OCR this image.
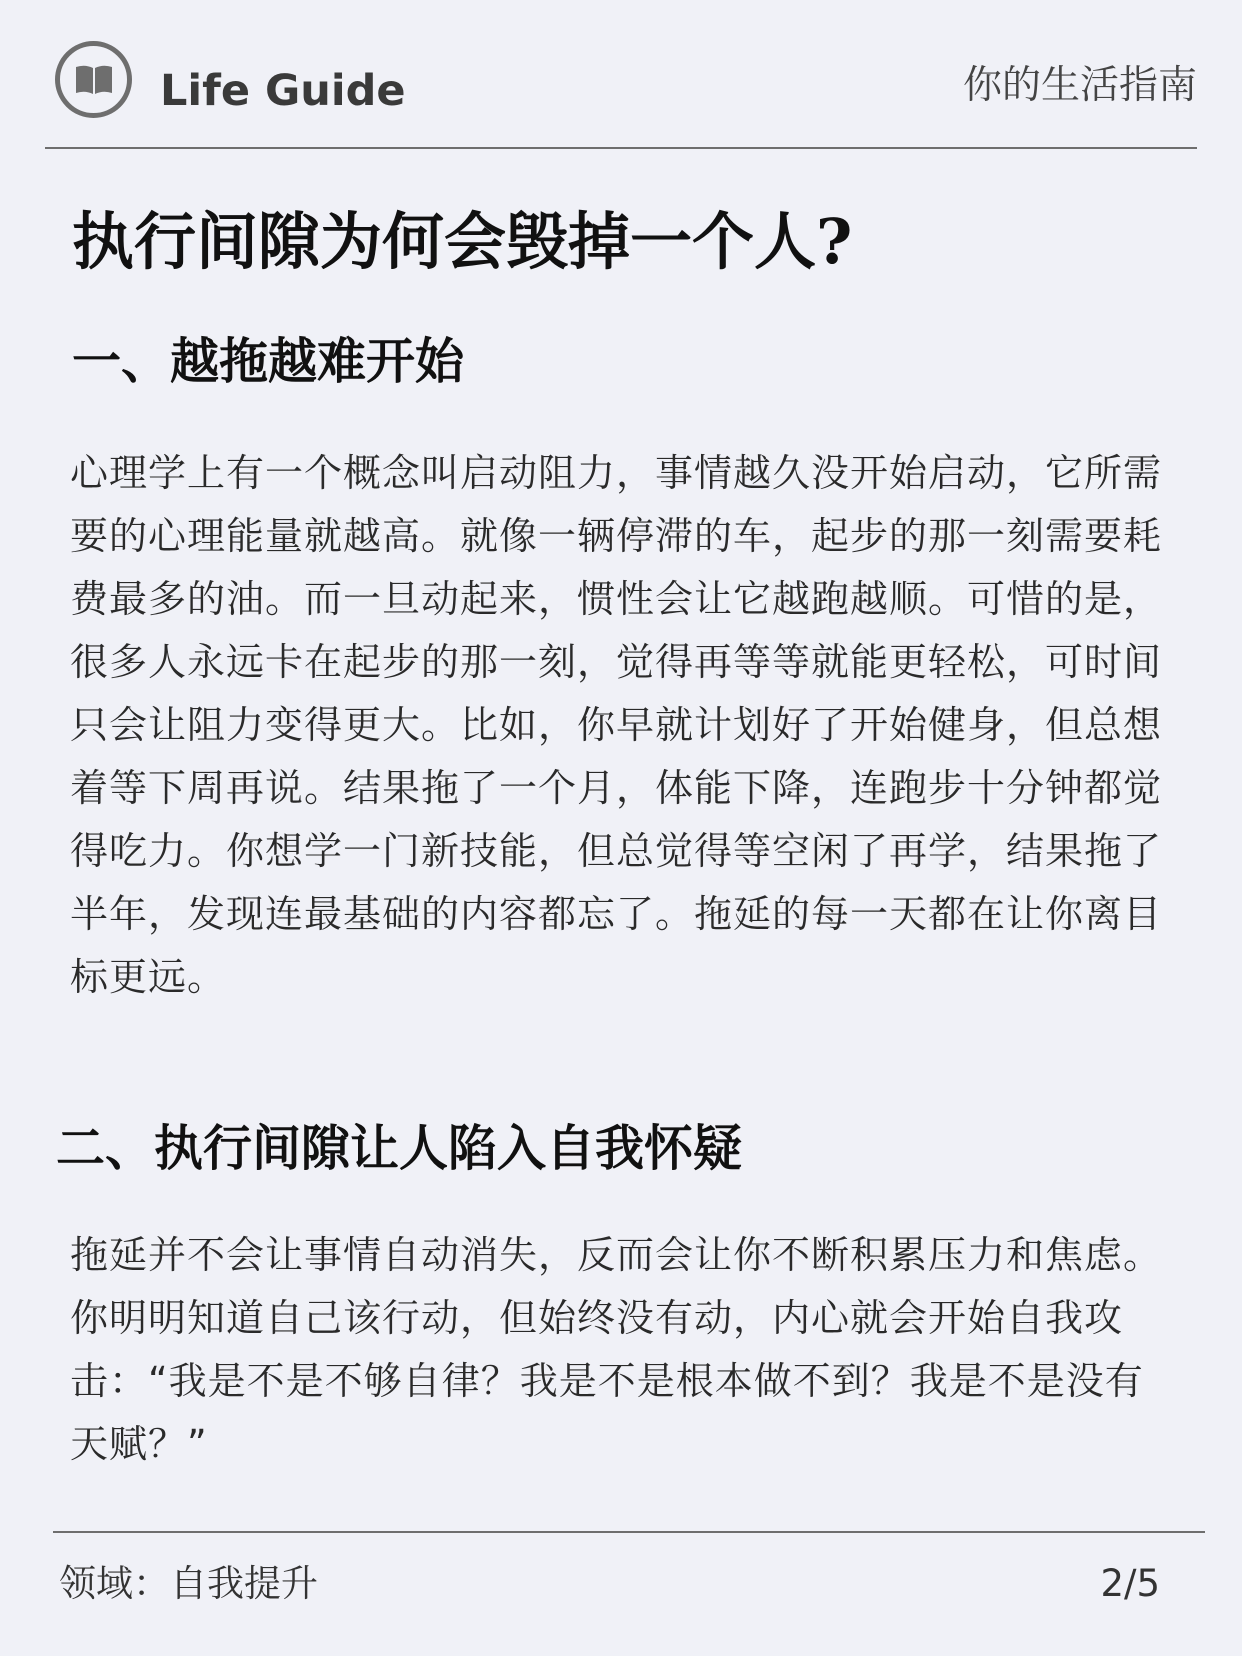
Life Guide	你的生活指南
执行间隙为何会毁掉一个人?
一、越拖越难开始

心理学上有一个概念叫启动阻力，事情越久没开始启动，它所需要的心理能量就越高。就像一辆停滞的车，起步的那一刻需要耗费最多的油。而一旦动起来，惯性会让它越跑越顺。可惜的是，很多人永远卡在起步的那一刻，觉得再等等就能更轻松，可时间只会让阻力变得更大。比如，你早就计划好了开始健身，但总想着等下周再说。结果拖了一个月，体能下降，连跑步十分钟都觉得吃力。你想学一门新技能，但总觉得等空闲了再学，结果拖了半年，发现连最基础的内容都忘了。拖延的每一天都在让你离目标更远。

二、执行间隙让人陷入自我怀疑

拖延并不会让事情自动消失，反而会让你不断积累压力和焦虑。你明明知道自己该行动，但始终没有动，内心就会开始自我攻击：“我是不是不够自律？我是不是根本做不到？我是不是没有天赋？”

领域：自我提升	2/5
